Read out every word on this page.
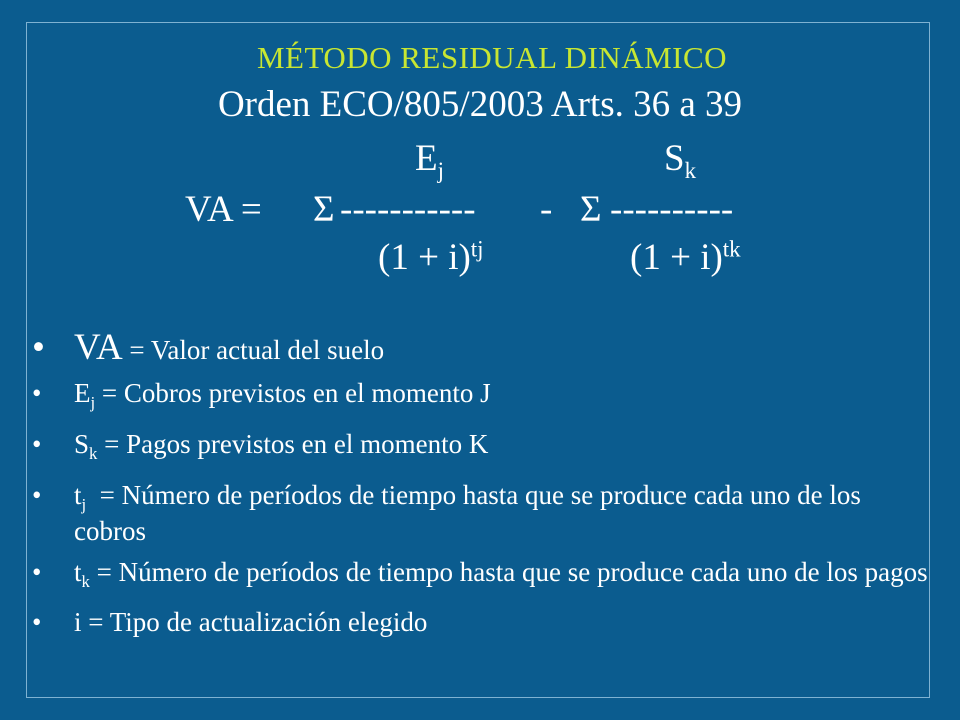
MÉTODO RESIDUAL DINÁMICO
Orden ECO/805/2003 Arts. 36 a 39
$E_j$	$S_k$
VA = Σ ----------- - Σ ----------
$(1 + i)^{tj}$	$(1 + i)^{tk}$
• VA = Valor actual del suelo
• $E_j$ = Cobros previstos en el momento J
• $S_k$ = Pagos previstos en el momento K
• $t_j$  = Número de períodos de tiempo hasta que se produce cada uno de los cobros
• $t_k$ = Número de períodos de tiempo hasta que se produce cada uno de los pagos
• i = Tipo de actualización elegido
